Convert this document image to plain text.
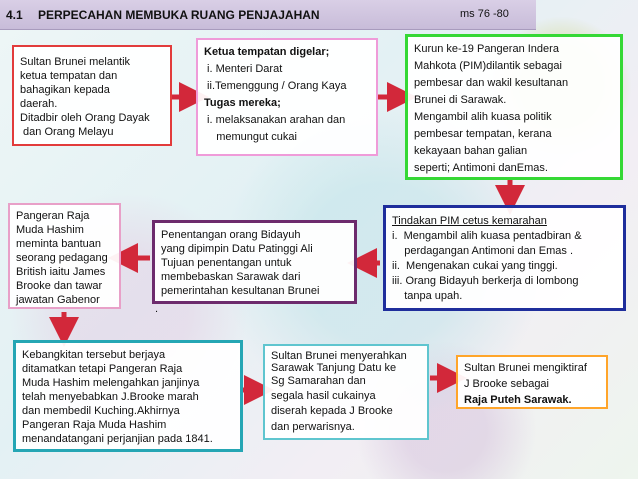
4.1 PERPECAHAN MEMBUKA RUANG PENJAJAHAN	ms 76 -80
Sultan Brunei melantik
ketua tempatan dan
bahagikan kepada
daerah.
Ditadbir oleh Orang Dayak
dan Orang Melayu
Ketua tempatan digelar;
i. Menteri Darat
ii.Temenggung / Orang Kaya
Tugas mereka;
i. melaksanakan arahan dan
memungut cukai
Kurun ke-19 Pangeran Indera
Mahkota (PIM)dilantik sebagai
pembesar dan wakil kesultanan
Brunei di Sarawak.
Mengambil alih kuasa politik
pembesar tempatan, kerana
kekayaan bahan galian
seperti; Antimoni danEmas.
Tindakan PIM cetus kemarahan
i.  Mengambil alih kuasa pentadbiran &
perdagangan Antimoni dan Emas .
ii.  Mengenakan cukai yang tinggi.
iii. Orang Bidayuh berkerja di lombong
tanpa upah.
Penentangan orang Bidayuh
yang dipimpin Datu Patinggi Ali
Tujuan penentangan untuk
membebaskan Sarawak dari
pemerintahan kesultanan Brunei
.
Pangeran Raja
Muda Hashim
meminta bantuan
seorang pedagang
British iaitu James
Brooke dan tawar
jawatan Gabenor
Kebangkitan tersebut berjaya
ditamatkan tetapi Pangeran Raja
Muda Hashim melengahkan janjinya
telah menyebabkan J.Brooke marah
dan membedil Kuching.Akhirnya
Pangeran Raja Muda Hashim
menandatangani perjanjian pada 1841.
Sultan Brunei menyerahkan
Sarawak Tanjung Datu ke
Sg Samarahan dan
segala hasil cukainya
diserah kepada J Brooke
dan perwarisnya.
Sultan Brunei mengiktiraf
J Brooke sebagai
Raja Puteh Sarawak.
